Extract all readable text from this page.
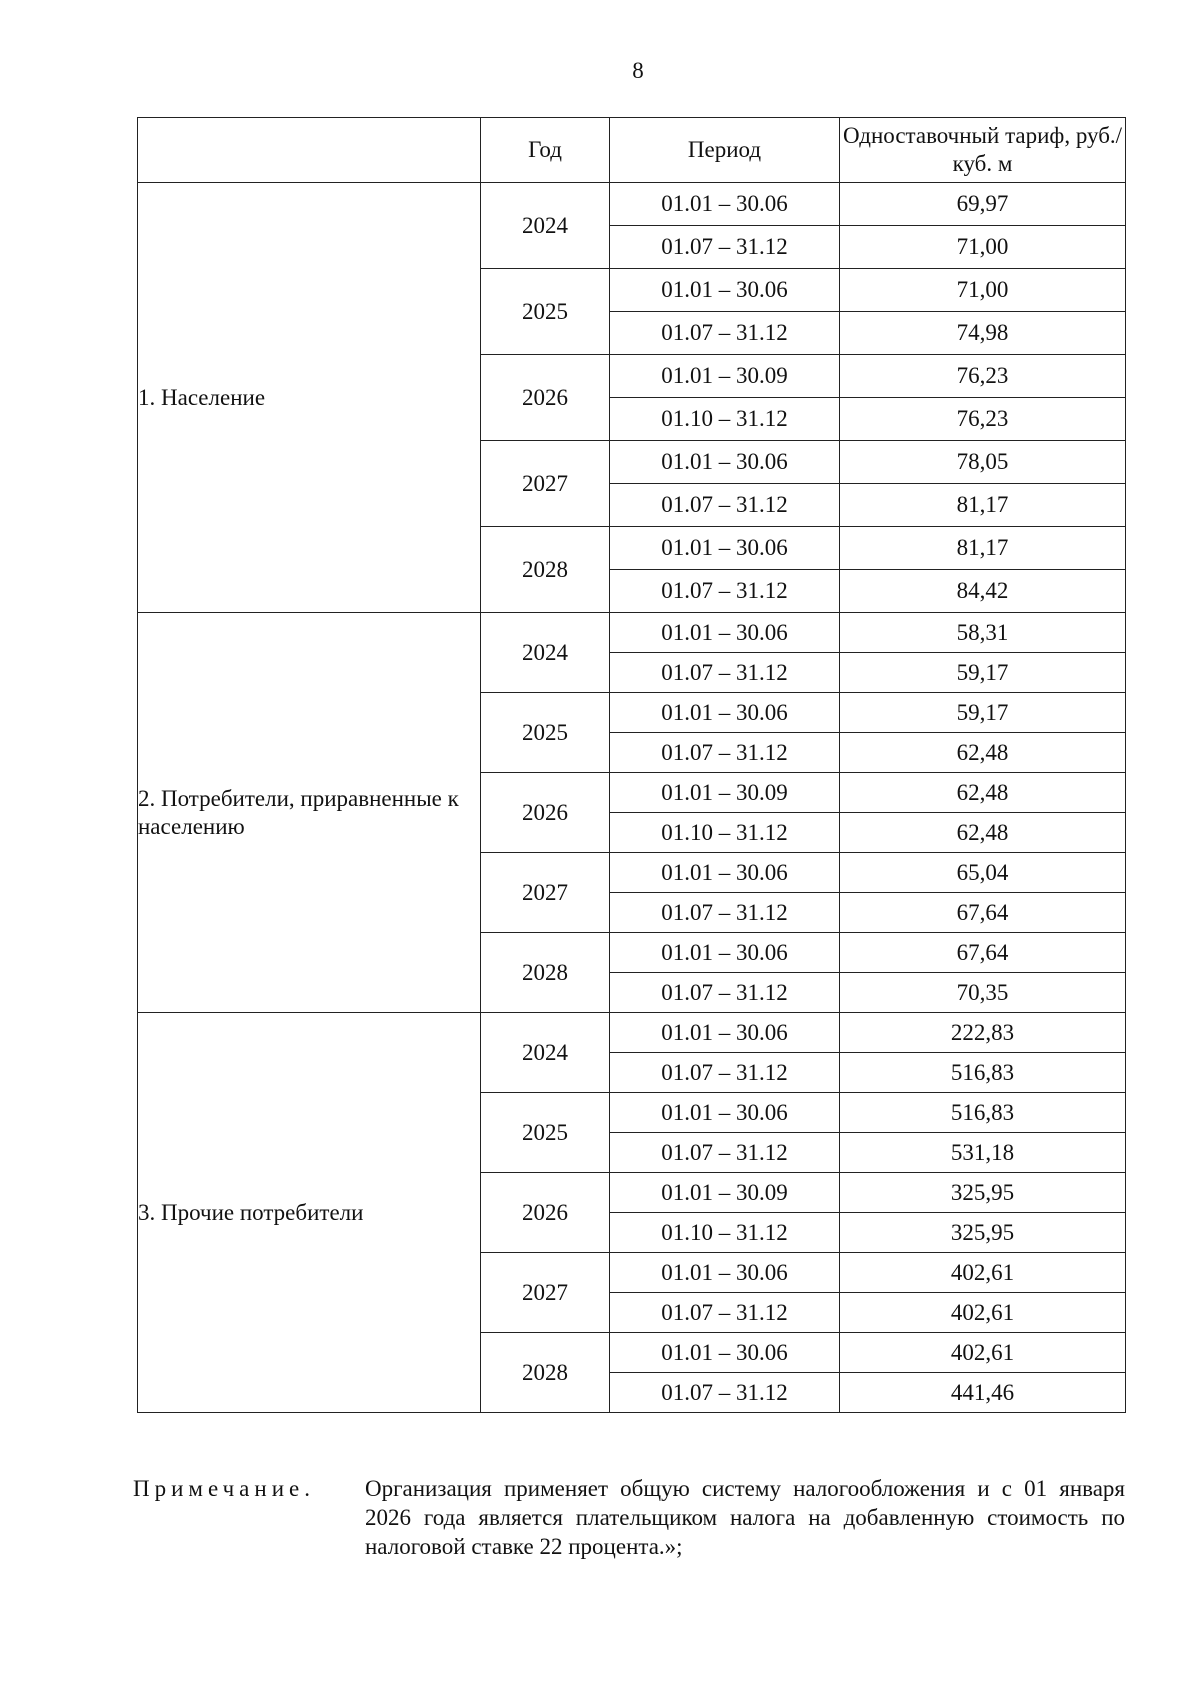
8
	Год	Период	Одноставочный тариф, руб./куб. м
1. Население	2024	01.01 – 30.06	69,97
		01.07 – 31.12	71,00
	2025	01.01 – 30.06	71,00
		01.07 – 31.12	74,98
	2026	01.01 – 30.09	76,23
		01.10 – 31.12	76,23
	2027	01.01 – 30.06	78,05
		01.07 – 31.12	81,17
	2028	01.01 – 30.06	81,17
		01.07 – 31.12	84,42
2. Потребители, приравненные к населению	2024	01.01 – 30.06	58,31
		01.07 – 31.12	59,17
	2025	01.01 – 30.06	59,17
		01.07 – 31.12	62,48
	2026	01.01 – 30.09	62,48
		01.10 – 31.12	62,48
	2027	01.01 – 30.06	65,04
		01.07 – 31.12	67,64
	2028	01.01 – 30.06	67,64
		01.07 – 31.12	70,35
3. Прочие потребители	2024	01.01 – 30.06	222,83
		01.07 – 31.12	516,83
	2025	01.01 – 30.06	516,83
		01.07 – 31.12	531,18
	2026	01.01 – 30.09	325,95
		01.10 – 31.12	325,95
	2027	01.01 – 30.06	402,61
		01.07 – 31.12	402,61
	2028	01.01 – 30.06	402,61
		01.07 – 31.12	441,46
Примечание. Организация применяет общую систему налогообложения и с 01 января 2026 года является плательщиком налога на добавленную стоимость по налоговой ставке 22 процента.»;
